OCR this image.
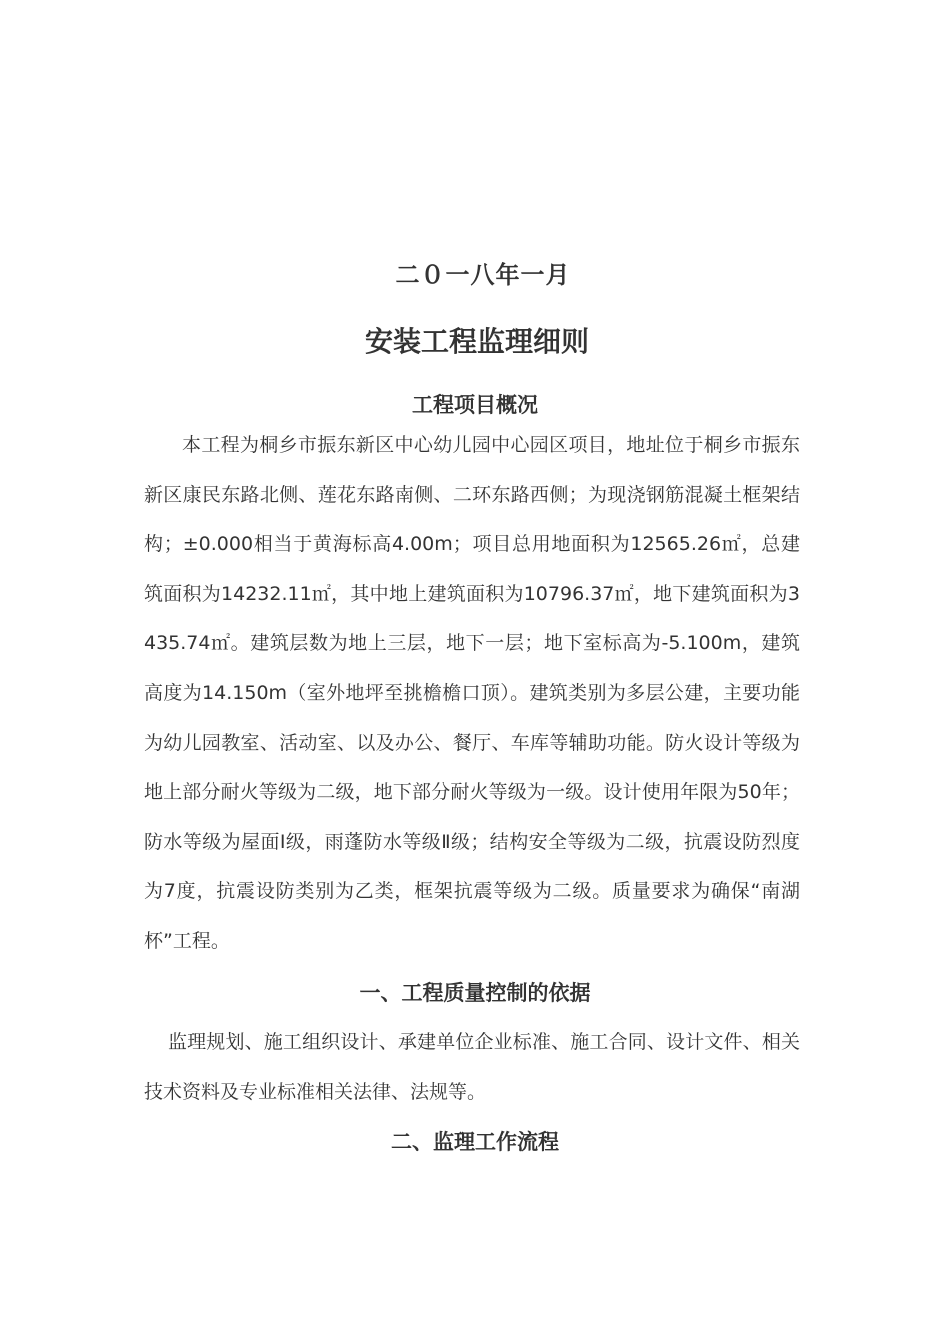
二０一八年一月
安装工程监理细则
工程项目概况
本工程为桐乡市振东新区中心幼儿园中心园区项目，地址位于桐乡市振东新区康民东路北侧、莲花东路南侧、二环东路西侧；为现浇钢筋混凝土框架结构；±0.000相当于黄海标高4.00m；项目总用地面积为12565.26㎡，总建筑面积为14232.11㎡，其中地上建筑面积为10796.37㎡，地下建筑面积为3435.74㎡。建筑层数为地上三层，地下一层；地下室标高为-5.100m，建筑高度为14.150m（室外地坪至挑檐檐口顶）。建筑类别为多层公建，主要功能为幼儿园教室、活动室、以及办公、餐厅、车库等辅助功能。防火设计等级为地上部分耐火等级为二级，地下部分耐火等级为一级。设计使用年限为50年；防水等级为屋面Ⅰ级，雨蓬防水等级Ⅱ级；结构安全等级为二级，抗震设防烈度为7度，抗震设防类别为乙类，框架抗震等级为二级。质量要求为确保“南湖杯”工程。
一、工程质量控制的依据
监理规划、施工组织设计、承建单位企业标准、施工合同、设计文件、相关技术资料及专业标准相关法律、法规等。
二、监理工作流程
